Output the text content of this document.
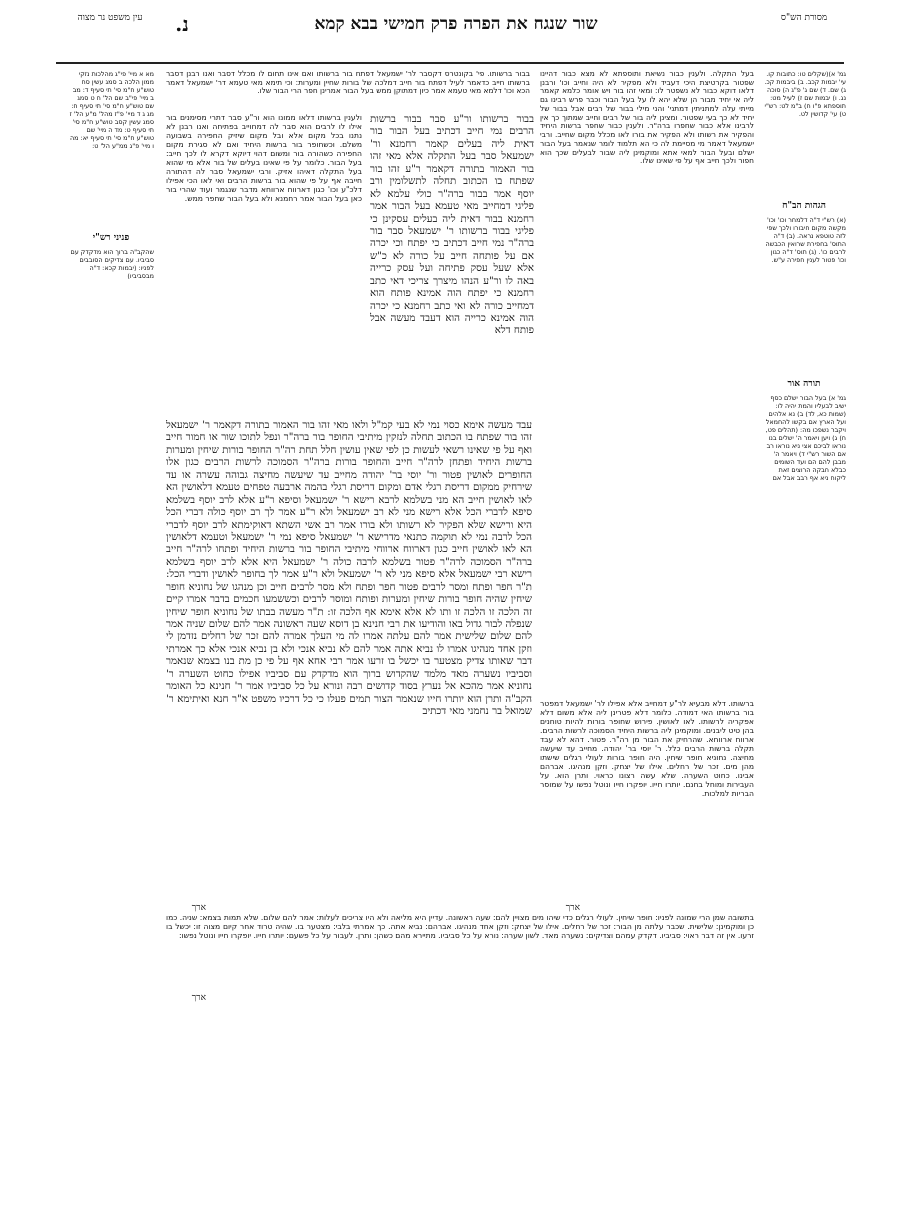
שור שנגח את הפרה פרק חמישי בבא קמא
נ.
עין משפט נר מצוה	מסורת הש"ס
גמ' א)(שקלים טו: כתובות קו. עי' יבמות קכב. ב) ביבמות קכ. ג) שם. ד) שם ג' פ"ג ה) סוכה נג. ו) יבמות שם ז) לעיל מט: תוספתא פ"ו ח) ב"מ לט: רש"י ט) עי' קדושין לט.
הגהות הב"ח
(א) רש"י ד"ה דלמחר וכו' וכו' מקשה מקום חיבורו ולכך שפי לזה טוטפא נראה. (ב) ד"ה התוס' בחפירת שרואין הכבשה לרבים כו'. (ג) תוס' ד"ה כגון וכו' פטור לענין חפירה ע"ש.
תורה אור
גמ' א) בעל הבור ישלם כסף ישיב לבעליו והמת יהיה לו: (שמות כא, לד) ב) נא אלהים ועל הארץ אם בקשו להחמאל ויקבר נשפכו מה: (תהלים פט, ח) ג) ויען ויאמר ה' ישלים בנו נוראו לביכם אצי ניא נוראו רב אם השור רש"י ד) ויאמר ה' מבבן להם הם ועד השומים כבלא חבקה הרוצים זאת ליקוח ניא אף רבב אבל אם
מא א מיי' פי"ג מהלכות נזקי ממון הלכה ב סמג עשין סח טוש"ע ח"מ סי' תי סעיף ד: מב ב מיי' פי"ב שם הל' ח ט סמג שם טוש"ע ח"מ סי' תי סעיף ח: מג ג ד מיי' פ"ז מהל' מ"ע הל' ז סמג עשין קסב טוש"ע ח"מ סי' תי סעיף ט: מד ה מיי' שם טוש"ע ח"מ סי' תי סעיף יא: מה ו מיי' פ"ג ממ"ע הל' ט:
פניני רש"י
שהקב"ה ברוך הוא מדקדק עם סביביו. עם צדיקים הסובבים לפניו: (יבמות קכא: ד"ה מבסביביו)
בעל התקלה. ולענין כבור נשיאת ותוספתא לא מצא כבור דהיינו שפטור בקרטיצת היכי דעביד ולא מפקיר לא היה וחייב וכו' ורבנן דלאו דוקא כבור לא נשפטר לו: ומאי זהו בור ויש אומר כלמא קאמר ליה אי יחיד מבור הן שלא יהא לו על בעל הבור וכבר פרש רבינו גם מייתי עלה למתניתין דמתני' והני מילי בבור של רבים אבל בבור של יחיד לא כך בעי שפטור. ומצינן ליה בור של רבים וחייב שמתוך כך אין לרבינו אלא כבור שחפרו ברה"ר. ולענין כבור שחפר ברשות היחיד והפקיר את רשותו ולא הפקיר את בורו לאו מכלל מקום שחייב. ורבי ישמעאל דאמר מי מסיימת לה כי הא תלמוד לומר שנאמר בעל הבור ישלם ובעל הבור למאי אתא ומוקמינן ליה שבור לבעלים שכך הוא חפור ולכך חייב אף על פי שאינו שלו.
בבור ברשותו. פי' בקונטרס דקסבר לר' ישמעאל דפתח בור ברשותו ואם אינו תחום לו מכלל דסבר ואנו רבנן דסבר ברשותו חייב כדאמר לעיל דפתח בור חייב דמלכה של בורות שחיין ומערות: וכי תימא מאי טעמא דר' ישמעאל דאמר הכא וכו' דלמא מאי טעמא אמר כיון דמתוקן ממש בעל הבור אמרינן חפר הרי הבור שלו.
בבור ברשותו ור"ע סבר בבור ברשות הרבים נמי חייב דכתיב בעל הבור בור דאית ליה בעלים קאמר רחמנא ור' ישמעאל סבר בעל התקלה אלא מאי זהו בור האמור בתורה דקאמר ר"ע זהו בור שפתח בו הכתוב תחלה לתשלומין ורב יוסף אמר בבור ברה"ר כולי עלמא לא פליגי דמחייב מאי טעמא בעל הבור אמר רחמנא בבור דאית ליה בעלים עסקינן כי פליגי בבור ברשותו ר' ישמעאל סבר בור ברה"ר נמי חייב דכתיב כי יפתח וכי יכרה אם על פותחה חייב על כורה לא כ"ש אלא שעל עסק פתיחה ועל עסק כרייה באה לו ור"ע הנהו מיצרך צריכי דאי כתב רחמנא כי יפתח הוה אמינא פותח הוא דמחייב כורה לא ואי כתב רחמנא כי יכרה הוה אמינא כרייה הוא דעבד מעשה אבל פותח דלא
ולענין ברשותו דלאו ממונו הוא ור"ע סבר דתרי מסימנים בור אילו לו לרבים הוא סבר לה דמחוייב בפתיחה ואנו רבנן לא נתנו בכל מקום אלא ובל מקום שיזיק החפירה בשבועה משלם. וכשחופר בור ברשות היחיד ואם לא סגירת מקום החפירה כשהורה בור ומשום דהוי דיוקא דקרא לו לכך חייב: בעל הבור. כלומר על פי שאינו בעלים של בור אלא מי שהוא בעל התקלה דאיהו אזיק. ורבי ישמעאל סבר לה דהתורה חייבה אף על פי שהוא בור ברשות הרבים ואי לאו הכי אפילו דלכ"ע וכו' כגון דארווח ארווחא מדבר שנגמר ועוד שהרי בור כאן בעל הבור אמר רחמנא ולא בעל הבור שחפר ממש.
עבד מעשה אימא כסוי נמי לא בעי קמ"ל ולאו מאי זהו בור האמור בתורה דקאמר ר' ישמעאל זהו בור שפתח בו הכתוב תחלה לנזקין מיתיבי החופר בור ברה"ר ונפל לתוכו שור או חמור חייב ואף על פי שאינו רשאי לעשות כן לפי שאין עושין חלל תחת רה"ר החופר בורות שיחין ומערות ברשות היחיד ופתחן לרה"ר חייב והחופר בורות ברה"ר הסמוכה לרשות הרבים כגון אלו החופרים לאושין פטור ור' יוסי בר' יהודה מחייב עד שיעשה מחיצה גבוהה עשרה או עד שירחיק ממקום דריסת רגלי אדם ומקום דריסת רגלי בהמה ארבעה טפחים טעמא דלאושין הא לאו לאושין חייב הא מני בשלמא לרבא רישא ר' ישמעאל וסיפא ר"ע אלא לרב יוסף בשלמא סיפא לדברי הכל אלא רישא מני לא רב ישמעאל ולא ר"ע אמר לך רב יוסף כולה דברי הכל היא ורישא שלא הפקיר לא רשותו ולא בורו אמר רב אשי השתא דאוקימתא לרב יוסף לדברי הכל לרבה נמי לא תוקמה כתנאי מדרישא ר' ישמעאל סיפא נמי ר' ישמעאל וטעמא דלאושין הא לאו לאושין חייב כגון דארווח ארווחי מיתיבי החופר בור ברשות היחיד ופתחו לרה"ר חייב ברה"ר הסמוכה לרה"ר פטור בשלמא לרבה כולה ר' ישמעאל היא אלא לרב יוסף בשלמא רישא רבי ישמעאל אלא סיפא מני לא ר' ישמעאל ולא ר"ע אמר לך בחופר לאושין ודברי הכל: ת"ר חפר ופתח ומסר לרבים פטור חפר ופתח ולא מסר לרבים חייב וכן מנהגו של נחוניא חופר שיחין שהיה חופר בורות שיחין ומערות ופותח ומוסר לרבים וכששמעו חכמים בדבר אמרו קיים זה הלכה זו הלכה זו ותו לא אלא אימא אף הלכה זו: ת"ר מעשה בבתו של נחוניא חופר שיחין שנפלה לבור גדול באו והודיעו את רבי חנינא בן דוסא שעה ראשונה אמר להם שלום שניה אמר להם שלום שלישית אמר להם עלתה אמרו לה מי העלך אמרה להם זכר של רחלים נזדמן לי וזקן אחד מנהיגו אמרו לו נביא אתה אמר להם לא נביא אנכי ולא בן נביא אנכי אלא כך אמרתי דבר שאותו צדיק מצטער בו יכשל בו זרעו אמר רבי אחא אף על פי כן מת בנו בצמא שנאמר וסביביו נשערה מאד מלמד שהקדוש ברוך הוא מדקדק עם סביביו אפילו כחוט השערה ר' נחוניא אמר מהכא אל נערץ בסוד קדושים רבה ונורא על כל סביביו אמר ר' חנינא כל האומר הקב"ה ותרן הוא יותרו חייו שנאמר הצור תמים פעלו כי כל דרכיו משפט א"ר חנא ואיתימא ר' שמואל בר נחמני מאי דכתיב
ארך
ברשותו. דלא מבעיא לר"ע דמחייב אלא אפילו לר' ישמעאל דמפטר בור ברשותו האי דמודה. כלומר דלא פטרינן ליה אלא משום דלא אפקריה לרשותו. לאו לאושין. פירוש שחופר בורות להיות טוחנים בהן טיט ליבנים. ומוקמינן ליה ברשות היחיד הסמוכה לרשות הרבים. ארווח ארווחא. שהרחיק את הבור מן רה"ר. פטור. דהא לא עבד תקלה ברשות הרבים כלל. ר' יוסי בר' יהודה. מחייב עד שיעשה מחיצה. נחוניא חופר שיחין. היה חופר בורות לעולי רגלים שישתו מהן מים. זכר של רחלים. אילו של יצחק. וזקן מנהיגו. אברהם אבינו. כחוט השערה. שלא עשה רצונו כראוי. ותרן הוא. על העבירות ומוחל בחנם. יותרו חייו. יופקרו חייו ונוטל נפשו על שמוסר הבריות למלכות.
ארך
בתשובה שמן הרי שמונה לפניו: חופר שיחין. לעולי רגלים כדי שיהו מים מצויין להם: שעה ראשונה. עדיין היא מליאה ולא היו צריכים לעלות: אמר להם שלום. שלא תמות בצמא: שניה. כמו כן ומוקמינן: שלישית. שכבר עלתה מן הבור: זכר של רחלים. אילו של יצחק: וזקן אחד מנהיגו. אברהם: נביא אתה. כך אמרתי בלבי: מצטער בו. שהיה טרוד אחר קיום מצוה זו: יכשל בו זרעו. אין זה דבר ראוי: סביביו. דקדק עמהם וצדיקים: נשערה מאד. לשון שערה: נורא על כל סביביו. מתיירא מהם כשהן: ותרן. לעבור על כל פשעם: יותרו חייו. יופקרו חייו ונוטל נפשו:
ארך
